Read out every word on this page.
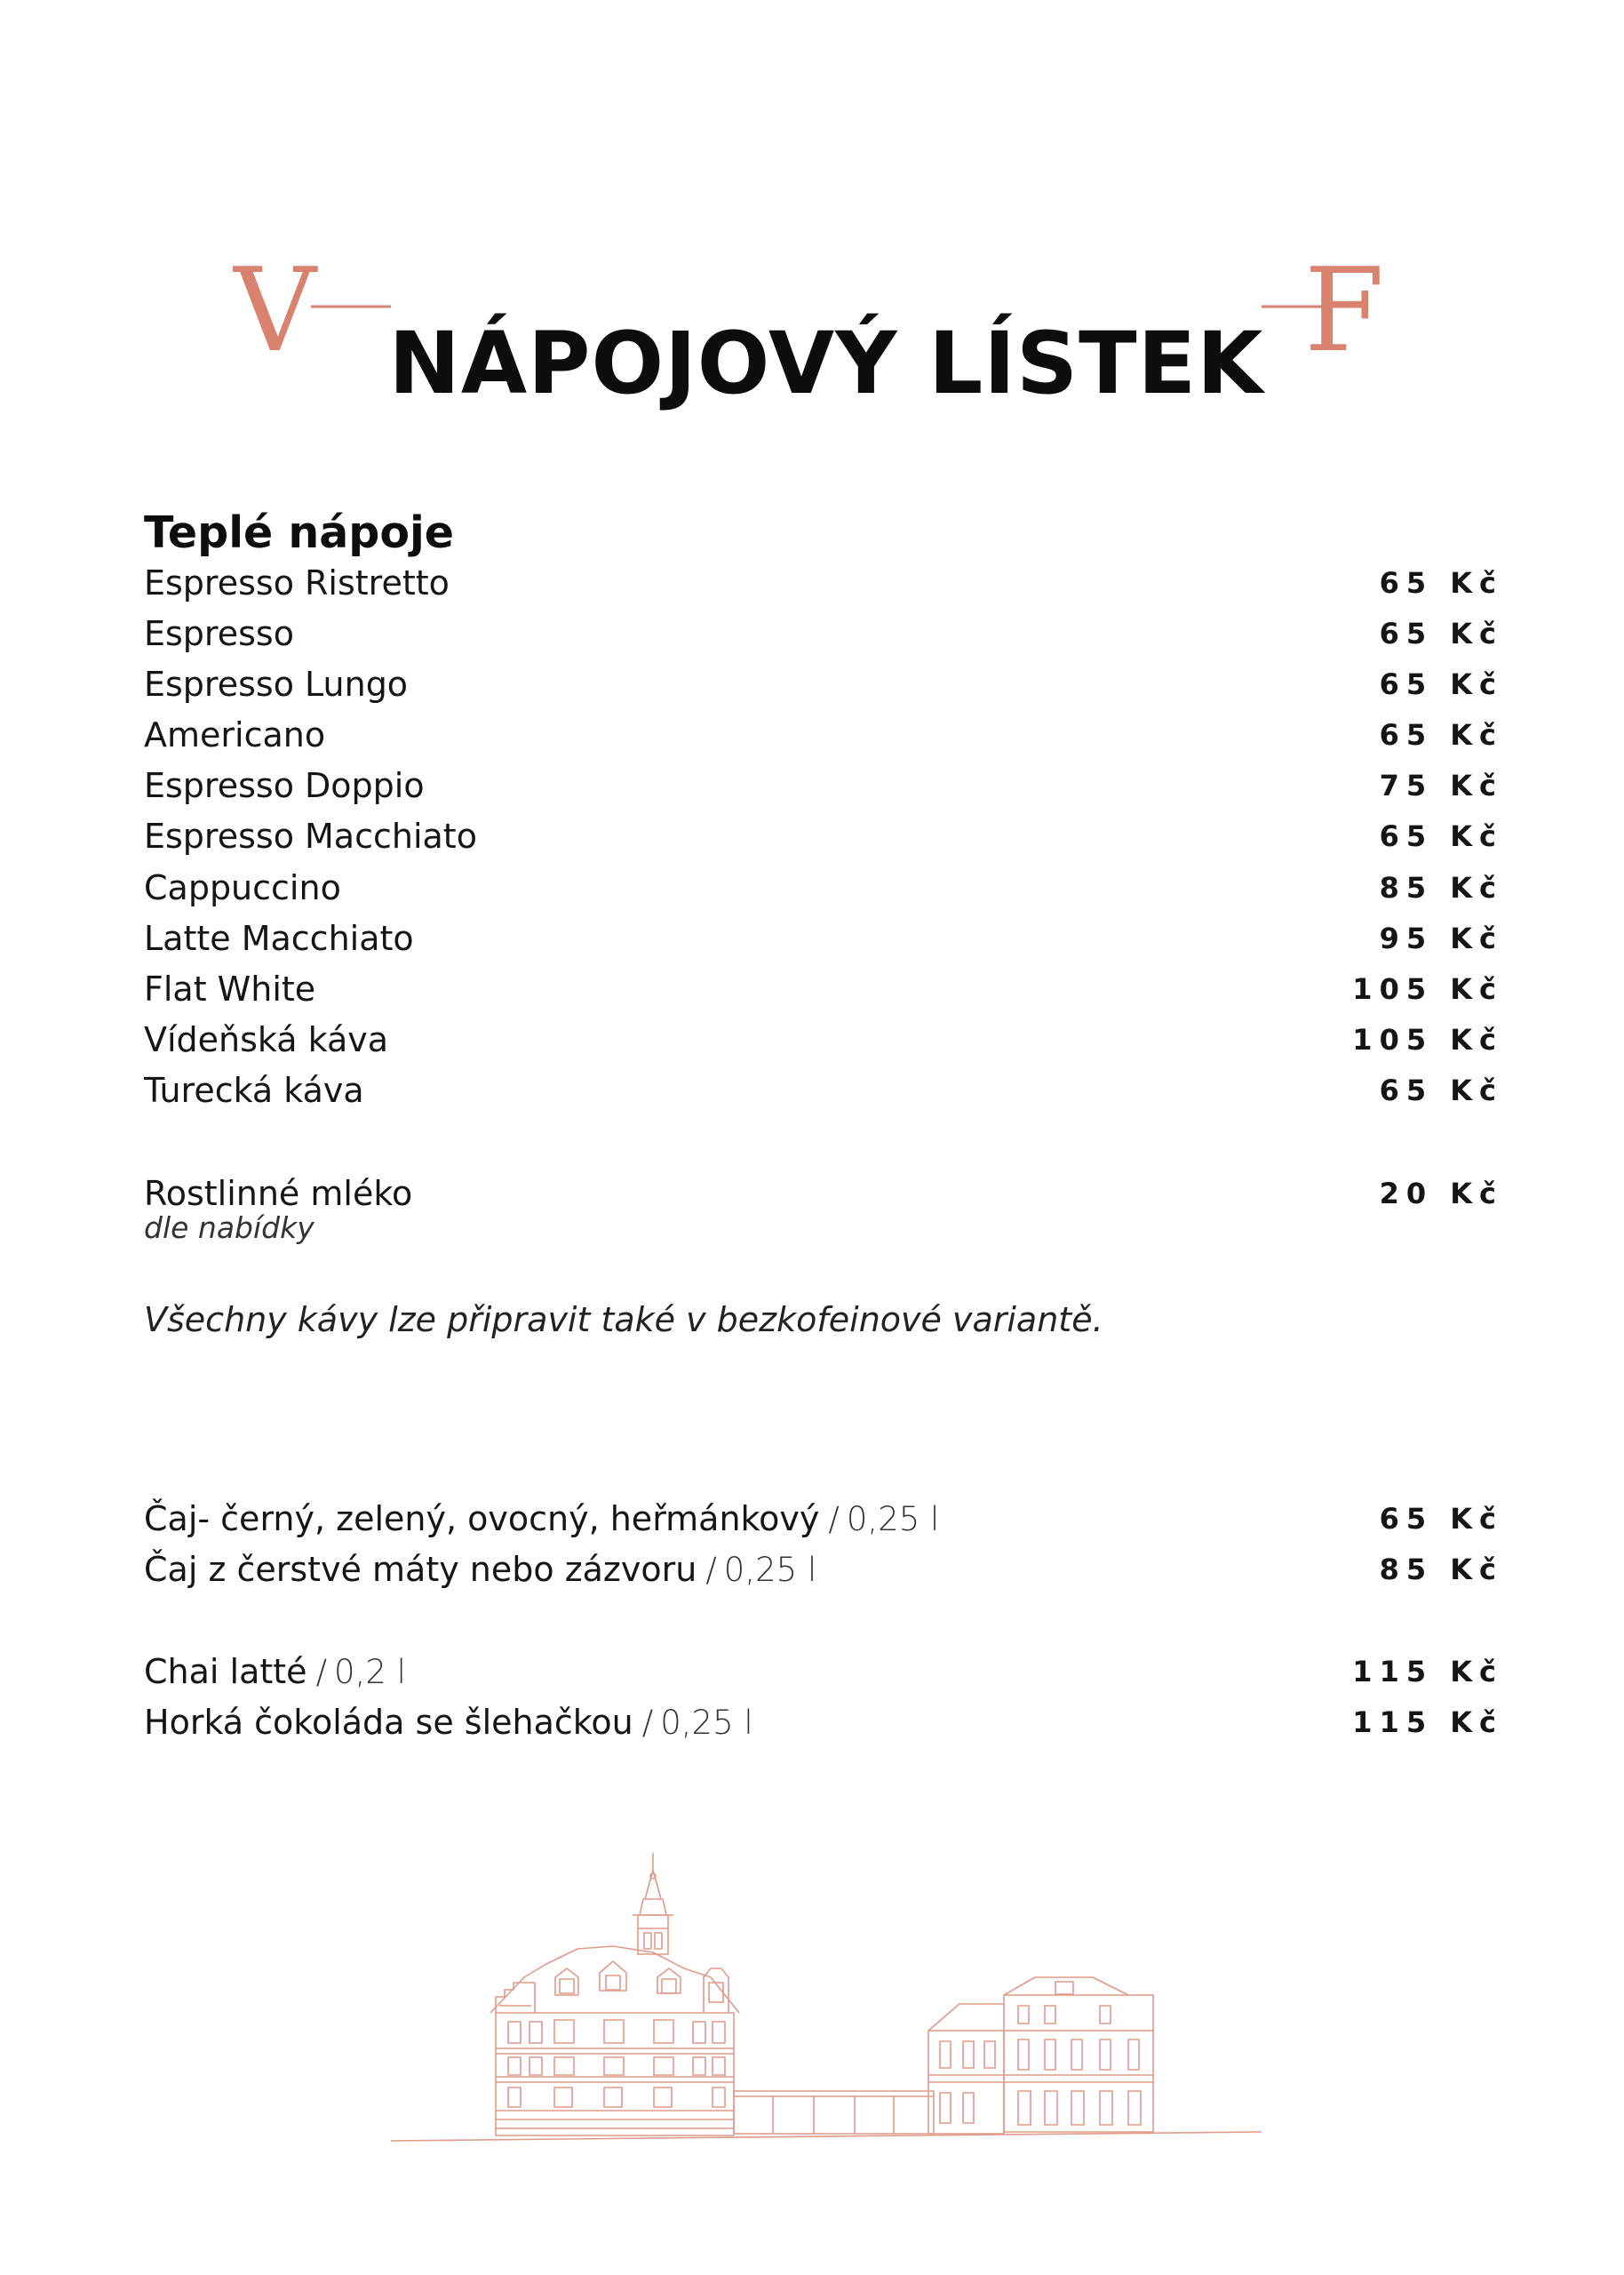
V NÁPOJOVÝ LÍSTEK F
Teplé nápoje
Espresso Ristretto	65 Kč
Espresso	65 Kč
Espresso Lungo	65 Kč
Americano	65 Kč
Espresso Doppio	75 Kč
Espresso Macchiato	65 Kč
Cappuccino	85 Kč
Latte Macchiato	95 Kč
Flat White	105 Kč
Vídeňská káva	105 Kč
Turecká káva	65 Kč
Rostlinné mléko	20 Kč
dle nabídky
Všechny kávy lze připravit také v bezkofeinové variantě.
Čaj- černý, zelený, ovocný, heřmánkový / 0,25 l	65 Kč
Čaj z čerstvé máty nebo zázvoru / 0,25 l	85 Kč
Chai latté / 0,2 l	115 Kč
Horká čokoláda se šlehačkou / 0,25 l	115 Kč
